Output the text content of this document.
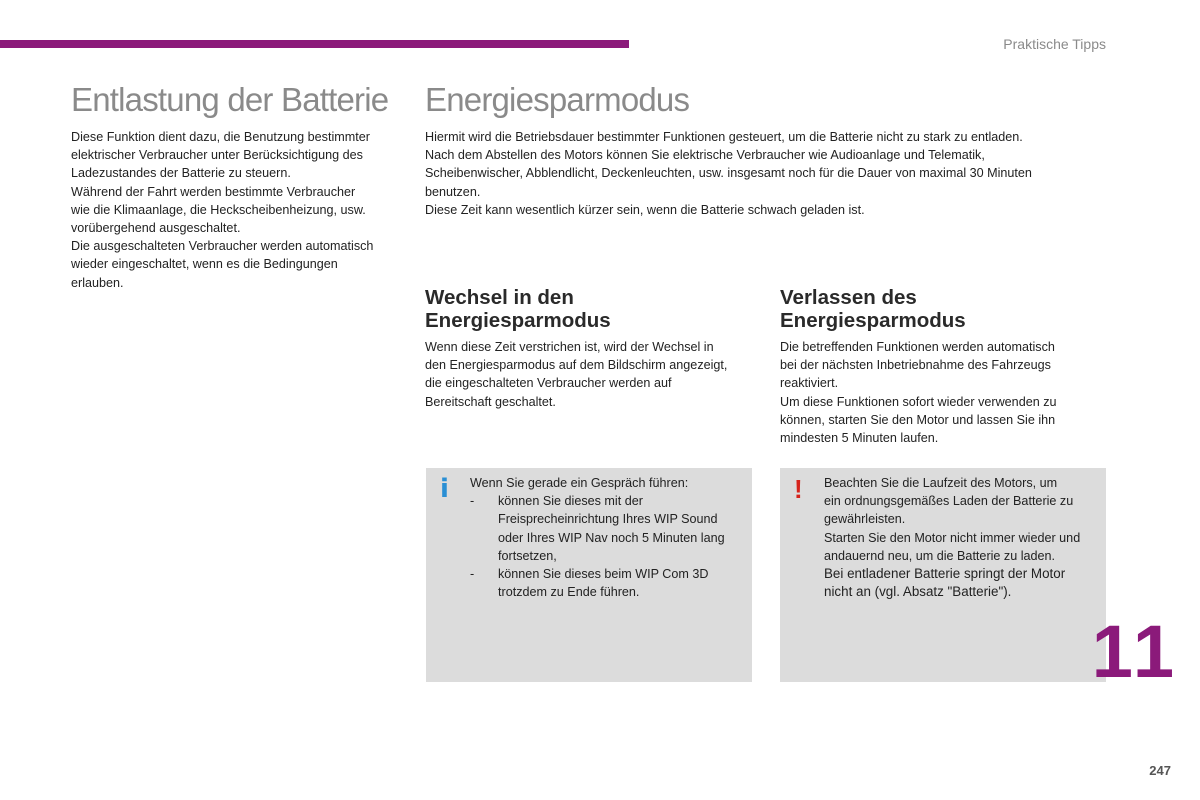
Praktische Tipps
Entlastung der Batterie

Diese Funktion dient dazu, die Benutzung bestimmter

elektrischer Verbraucher unter Berücksichtigung des

Ladezustandes der Batterie zu steuern.

Während der Fahrt werden bestimmte Verbraucher

wie die Klimaanlage, die Heckscheibenheizung, usw.

vorübergehend ausgeschaltet.

Die ausgeschalteten Verbraucher werden automatisch

wieder eingeschaltet, wenn es die Bedingungen

erlauben.

Energiesparmodus

Hiermit wird die Betriebsdauer bestimmter Funktionen gesteuert, um die Batterie nicht zu stark zu entladen.

Nach dem Abstellen des Motors können Sie elektrische Verbraucher wie Audioanlage und Telematik,

Scheibenwischer, Abblendlicht, Deckenleuchten, usw. insgesamt noch für die Dauer von maximal 30 Minuten

benutzen.

Diese Zeit kann wesentlich kürzer sein, wenn die Batterie schwach geladen ist.

Wechsel in den
Energiesparmodus

Wenn diese Zeit verstrichen ist, wird der Wechsel in

den Energiesparmodus auf dem Bildschirm angezeigt,

die eingeschalteten Verbraucher werden auf

Bereitschaft geschaltet.

Verlassen des
Energiesparmodus

Die betreffenden Funktionen werden automatisch

bei der nächsten Inbetriebnahme des Fahrzeugs

reaktiviert.

Um diese Funktionen sofort wieder verwenden zu

können, starten Sie den Motor und lassen Sie ihn

mindesten 5 Minuten laufen.

i Wenn Sie gerade ein Gespräch führen:

-	können Sie dieses mit der

Freisprecheinrichtung Ihres WIP Sound

oder Ihres WIP Nav noch 5 Minuten lang

fortsetzen,

-	können Sie dieses beim WIP Com 3D

trotzdem zu Ende führen.

! Beachten Sie die Laufzeit des Motors, um

ein ordnungsgemäßes Laden der Batterie zu

gewährleisten.

Starten Sie den Motor nicht immer wieder und

andauernd neu, um die Batterie zu laden.

Bei entladener Batterie springt der Motor

nicht an (vgl. Absatz "Batterie").

11
247
